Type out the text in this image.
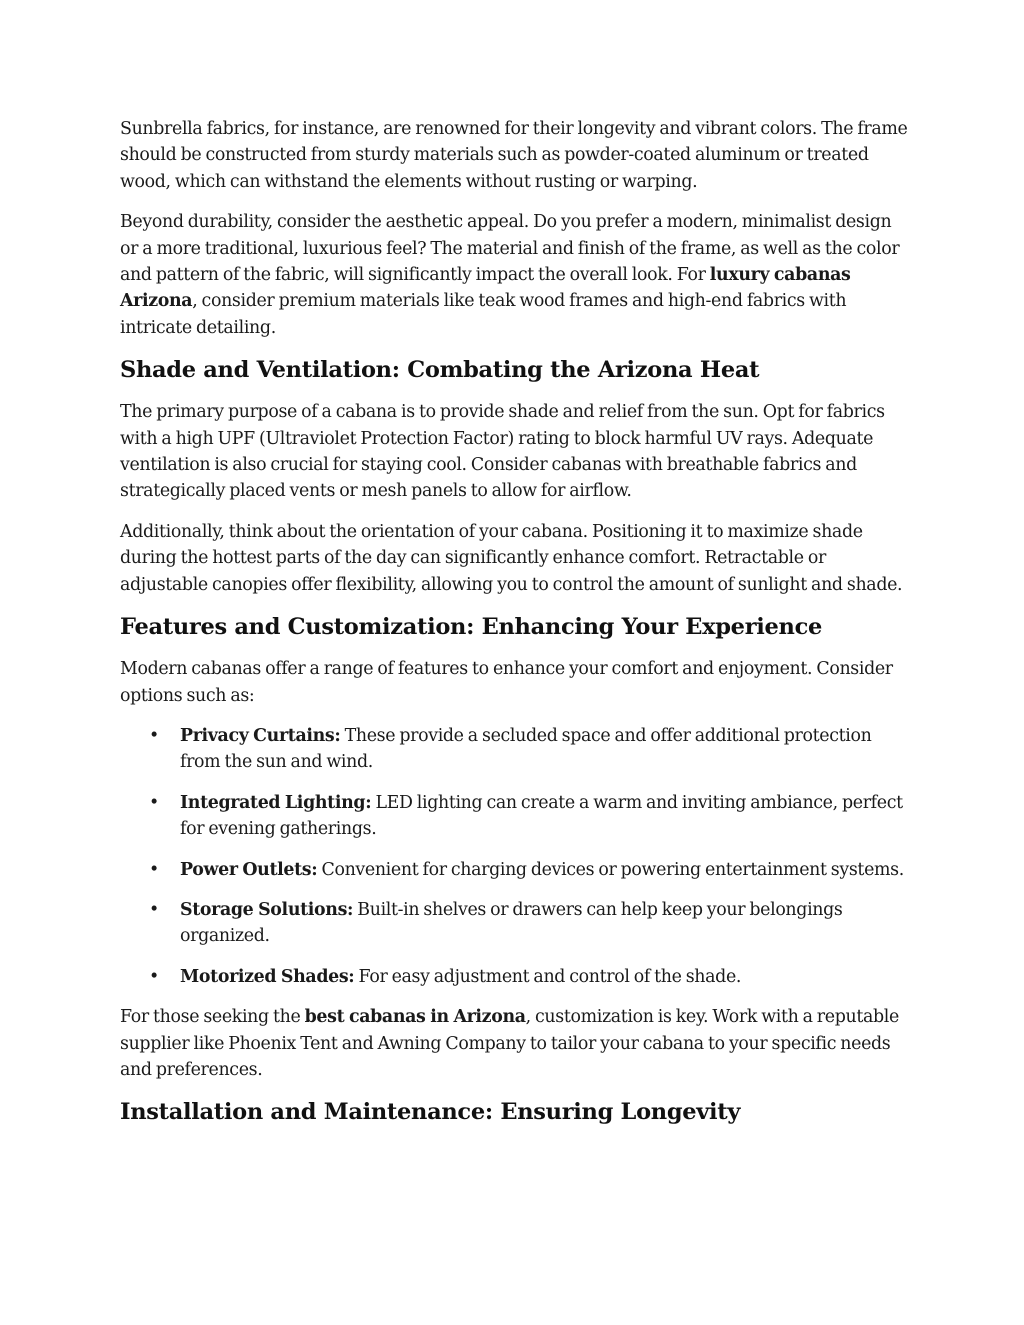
Sunbrella fabrics, for instance, are renowned for their longevity and vibrant colors. The frame should be constructed from sturdy materials such as powder-coated aluminum or treated wood, which can withstand the elements without rusting or warping.

Beyond durability, consider the aesthetic appeal. Do you prefer a modern, minimalist design or a more traditional, luxurious feel? The material and finish of the frame, as well as the color and pattern of the fabric, will significantly impact the overall look. For luxury cabanas Arizona, consider premium materials like teak wood frames and high-end fabrics with intricate detailing.

Shade and Ventilation: Combating the Arizona Heat

The primary purpose of a cabana is to provide shade and relief from the sun. Opt for fabrics with a high UPF (Ultraviolet Protection Factor) rating to block harmful UV rays. Adequate ventilation is also crucial for staying cool. Consider cabanas with breathable fabrics and strategically placed vents or mesh panels to allow for airflow.

Additionally, think about the orientation of your cabana. Positioning it to maximize shade during the hottest parts of the day can significantly enhance comfort. Retractable or adjustable canopies offer flexibility, allowing you to control the amount of sunlight and shade.

Features and Customization: Enhancing Your Experience

Modern cabanas offer a range of features to enhance your comfort and enjoyment. Consider options such as:

• Privacy Curtains: These provide a secluded space and offer additional protection from the sun and wind.
• Integrated Lighting: LED lighting can create a warm and inviting ambiance, perfect for evening gatherings.
• Power Outlets: Convenient for charging devices or powering entertainment systems.
• Storage Solutions: Built-in shelves or drawers can help keep your belongings organized.
• Motorized Shades: For easy adjustment and control of the shade.

For those seeking the best cabanas in Arizona, customization is key. Work with a reputable supplier like Phoenix Tent and Awning Company to tailor your cabana to your specific needs and preferences.

Installation and Maintenance: Ensuring Longevity
